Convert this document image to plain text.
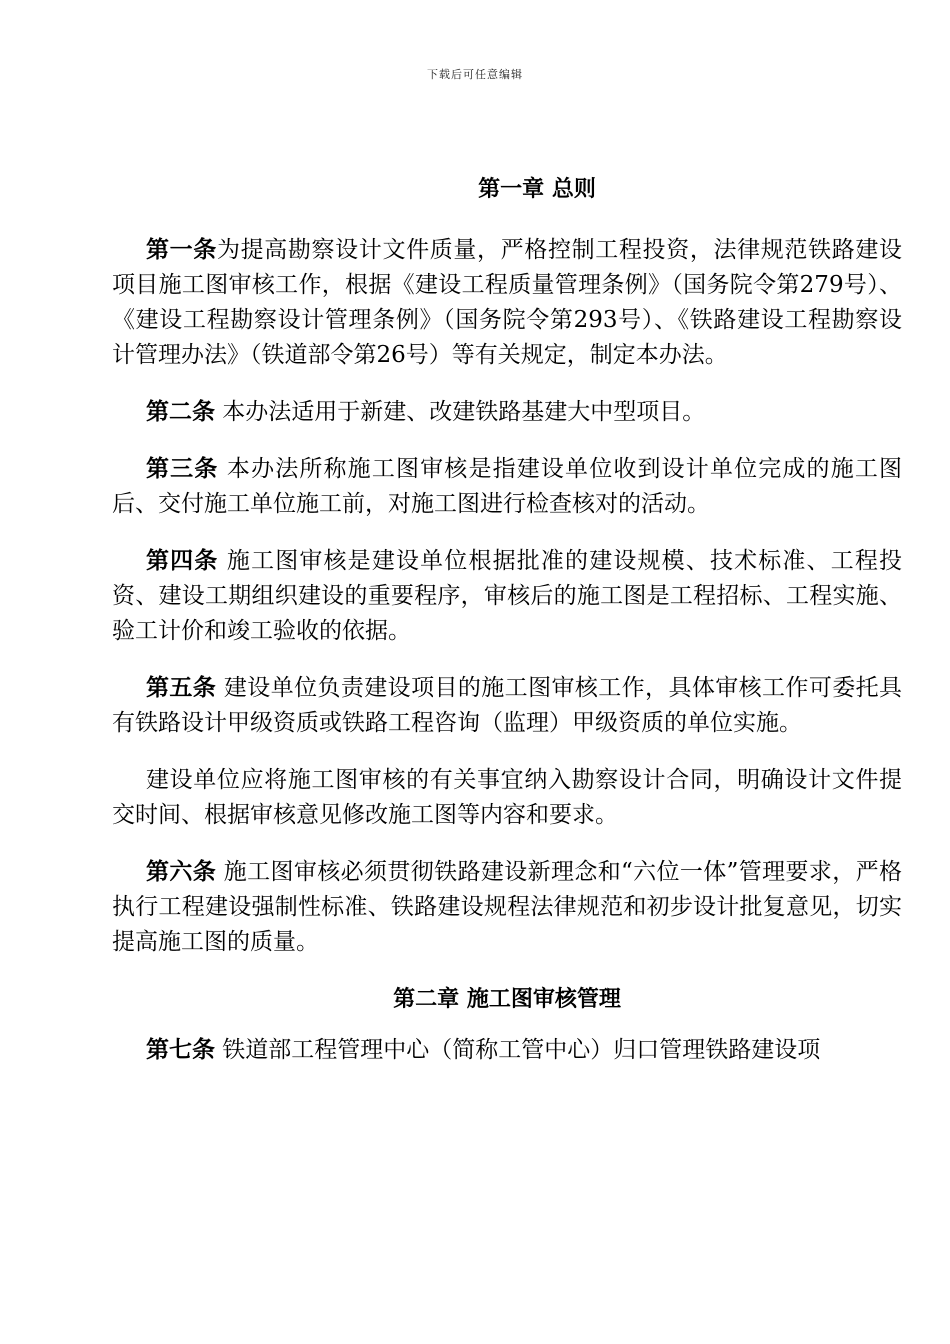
下载后可任意编辑
第一章 总则

第一条为提高勘察设计文件质量，严格控制工程投资，法律规范铁路建设项目施工图审核工作，根据《建设工程质量管理条例》（国务院令第279号）、《建设工程勘察设计管理条例》（国务院令第293号）、《铁路建设工程勘察设计管理办法》（铁道部令第26号）等有关规定，制定本办法。

第二条 本办法适用于新建、改建铁路基建大中型项目。

第三条 本办法所称施工图审核是指建设单位收到设计单位完成的施工图后、交付施工单位施工前，对施工图进行检查核对的活动。

第四条 施工图审核是建设单位根据批准的建设规模、技术标准、工程投资、建设工期组织建设的重要程序，审核后的施工图是工程招标、工程实施、验工计价和竣工验收的依据。

第五条 建设单位负责建设项目的施工图审核工作，具体审核工作可委托具有铁路设计甲级资质或铁路工程咨询（监理）甲级资质的单位实施。

建设单位应将施工图审核的有关事宜纳入勘察设计合同，明确设计文件提交时间、根据审核意见修改施工图等内容和要求。

第六条 施工图审核必须贯彻铁路建设新理念和“六位一体”管理要求，严格执行工程建设强制性标准、铁路建设规程法律规范和初步设计批复意见，切实提高施工图的质量。

第二章 施工图审核管理

第七条 铁道部工程管理中心（简称工管中心）归口管理铁路建设项
